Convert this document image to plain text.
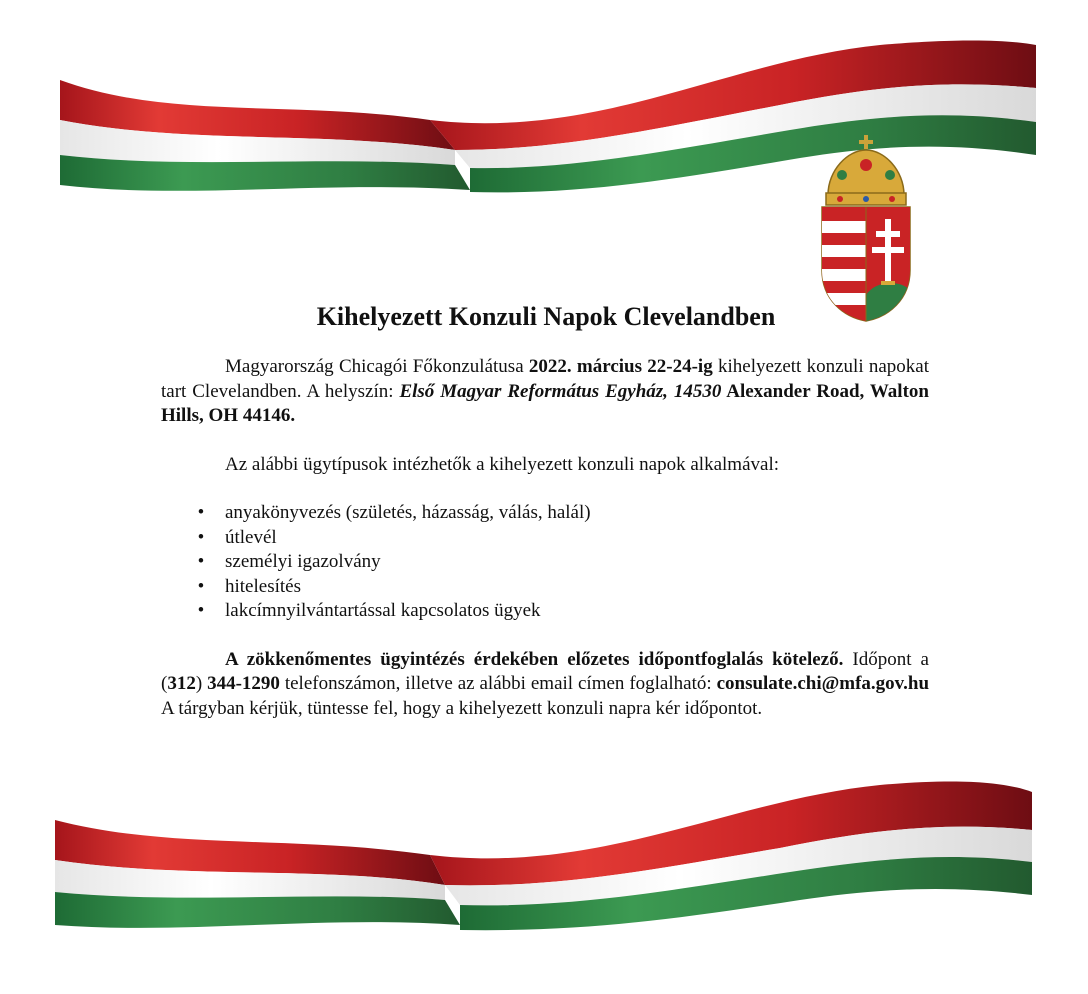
Kihelyezett Konzuli Napok Clevelandben

Magyarország Chicagói Főkonzulátusa 2022. március 22-24-ig kihelyezett konzuli napokat tart Clevelandben. A helyszín: Első Magyar Református Egyház, 14530 Alexander Road, Walton Hills, OH 44146.

Az alábbi ügytípusok intézhetők a kihelyezett konzuli napok alkalmával:

• anyakönyvezés (születés, házasság, válás, halál)
• útlevél
• személyi igazolvány
• hitelesítés
• lakcímnyilvántartással kapcsolatos ügyek

A zökkenőmentes ügyintézés érdekében előzetes időpontfoglalás kötelező. Időpont a (312) 344-1290 telefonszámon, illetve az alábbi email címen foglalható: consulate.chi@mfa.gov.hu A tárgyban kérjük, tüntesse fel, hogy a kihelyezett konzuli napra kér időpontot.
